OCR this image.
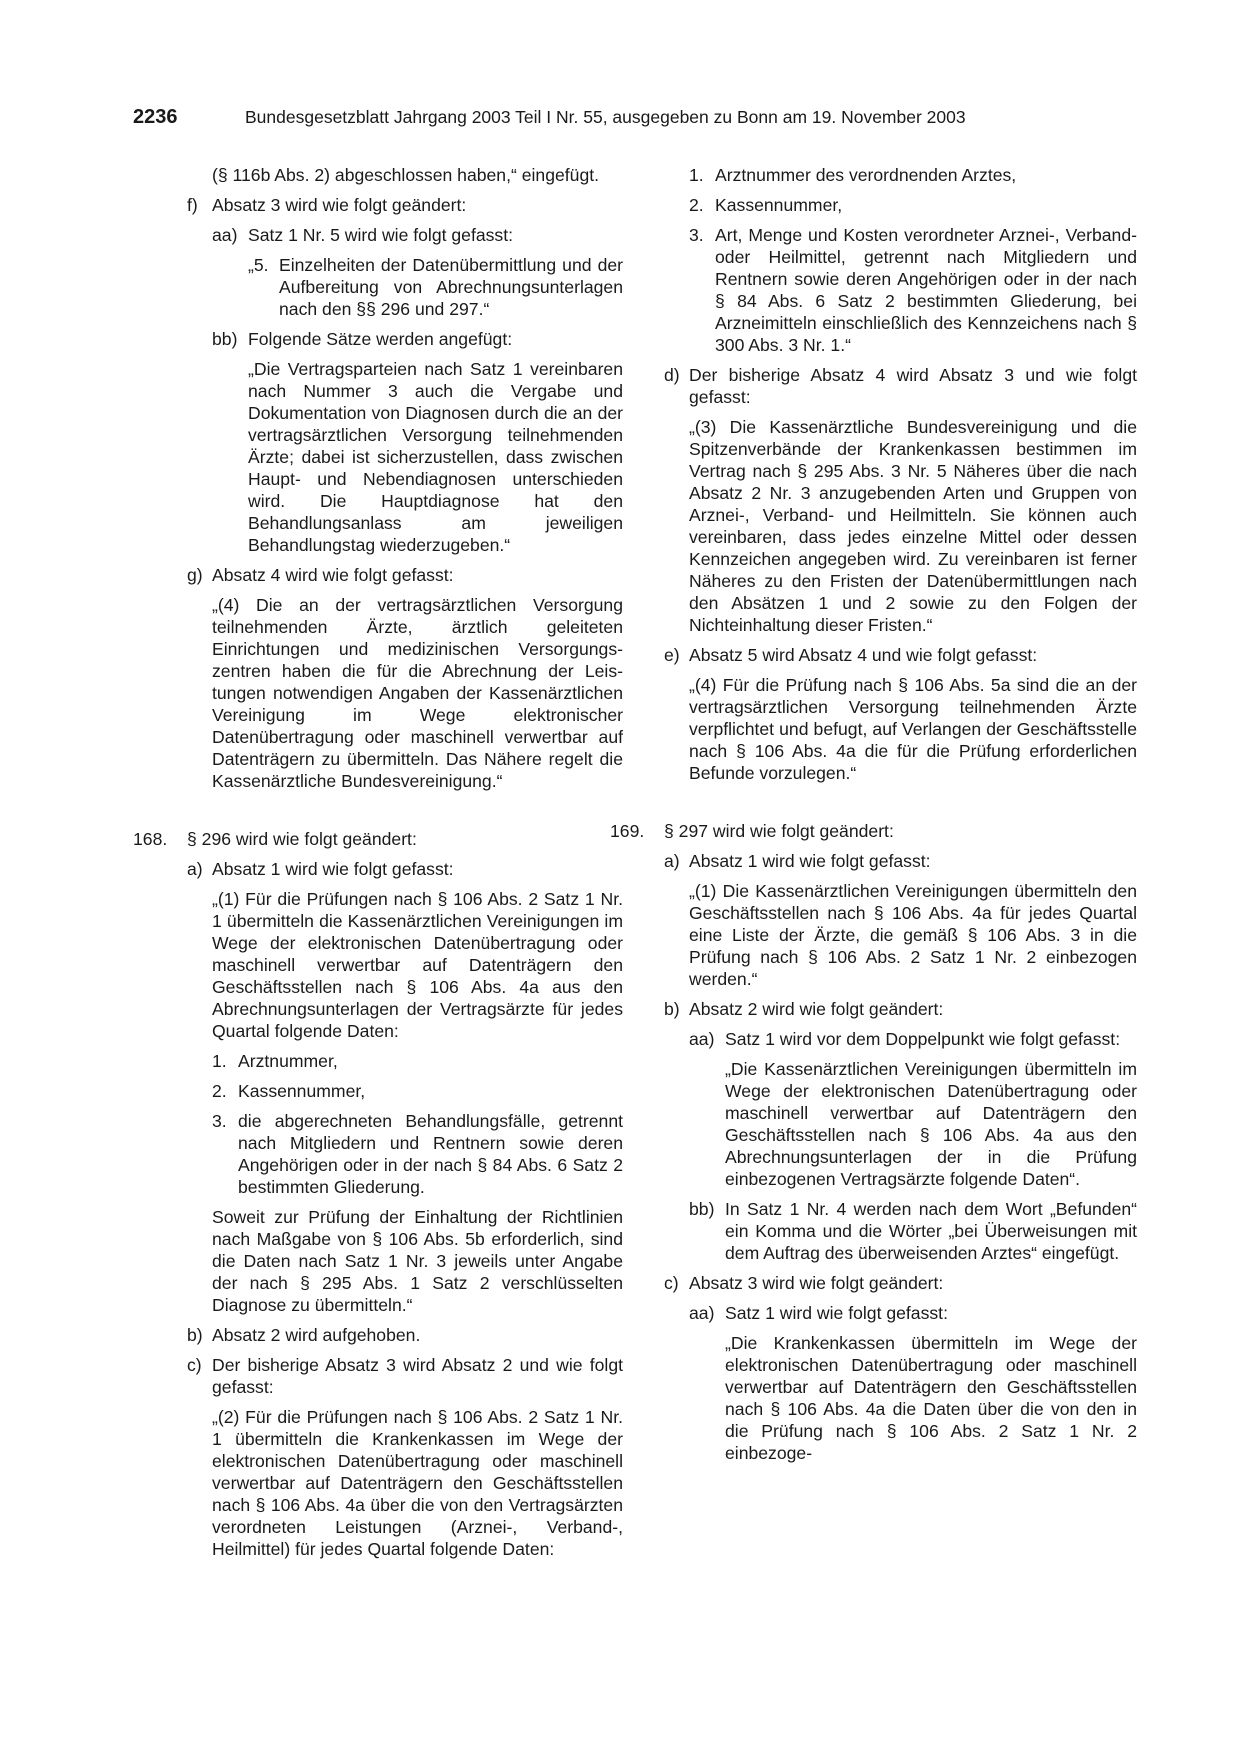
2236	Bundesgesetzblatt Jahrgang 2003 Teil I Nr. 55, ausgegeben zu Bonn am 19. November 2003

(§ 116b Abs. 2) abgeschlossen haben,“ eingefügt.

f) Absatz 3 wird wie folgt geändert:
aa) Satz 1 Nr. 5 wird wie folgt gefasst:
„5. Einzelheiten der Datenübermittlung und der Aufbereitung von Abrechnungsunterlagen nach den §§ 296 und 297.“
bb) Folgende Sätze werden angefügt:

„Die Vertragsparteien nach Satz 1 vereinbaren nach Nummer 3 auch die Vergabe und Dokumentation von Diagnosen durch die an der vertragsärztlichen Versorgung teilnehmenden Ärzte; dabei ist sicherzustellen, dass zwischen Haupt- und Nebendiagnosen unterschieden wird. Die Hauptdiagnose hat den Behandlungsanlass am jeweiligen Behandlungstag wiederzugeben.“

g) Absatz 4 wird wie folgt gefasst:

„(4) Die an der vertragsärztlichen Versorgung teilnehmenden Ärzte, ärztlich geleiteten Einrichtungen und medizinischen Versorgungszentren haben die für die Abrechnung der Leistungen notwendigen Angaben der Kassenärztlichen Vereinigung im Wege elektronischer Datenübertragung oder maschinell verwertbar auf Datenträgern zu übermitteln. Das Nähere regelt die Kassenärztliche Bundesvereinigung.“

168. § 296 wird wie folgt geändert:
a) Absatz 1 wird wie folgt gefasst:

„(1) Für die Prüfungen nach § 106 Abs. 2 Satz 1 Nr. 1 übermitteln die Kassenärztlichen Vereinigungen im Wege der elektronischen Datenübertragung oder maschinell verwertbar auf Datenträgern den Geschäftsstellen nach § 106 Abs. 4a aus den Abrechnungsunterlagen der Vertragsärzte für jedes Quartal folgende Daten:

1. Arztnummer,
2. Kassennummer,
3. die abgerechneten Behandlungsfälle, getrennt nach Mitgliedern und Rentnern sowie deren Angehörigen oder in der nach § 84 Abs. 6 Satz 2 bestimmten Gliederung.

Soweit zur Prüfung der Einhaltung der Richtlinien nach Maßgabe von § 106 Abs. 5b erforderlich, sind die Daten nach Satz 1 Nr. 3 jeweils unter Angabe der nach § 295 Abs. 1 Satz 2 verschlüsselten Diagnose zu übermitteln.“

b) Absatz 2 wird aufgehoben.
c) Der bisherige Absatz 3 wird Absatz 2 und wie folgt gefasst:

„(2) Für die Prüfungen nach § 106 Abs. 2 Satz 1 Nr. 1 übermitteln die Krankenkassen im Wege der elektronischen Datenübertragung oder maschinell verwertbar auf Datenträgern den Geschäftsstellen nach § 106 Abs. 4a über die von den Vertragsärzten verordneten Leistungen (Arznei-, Verband-, Heilmittel) für jedes Quartal folgende Daten:

1. Arztnummer des verordnenden Arztes,
2. Kassennummer,
3. Art, Menge und Kosten verordneter Arznei-, Verband- oder Heilmittel, getrennt nach Mitgliedern und Rentnern sowie deren Angehörigen oder in der nach § 84 Abs. 6 Satz 2 bestimmten Gliederung, bei Arzneimitteln einschließlich des Kennzeichens nach § 300 Abs. 3 Nr. 1.“
d) Der bisherige Absatz 4 wird Absatz 3 und wie folgt gefasst:

„(3) Die Kassenärztliche Bundesvereinigung und die Spitzenverbände der Krankenkassen bestimmen im Vertrag nach § 295 Abs. 3 Nr. 5 Näheres über die nach Absatz 2 Nr. 3 anzugebenden Arten und Gruppen von Arznei-, Verband- und Heilmitteln. Sie können auch vereinbaren, dass jedes einzelne Mittel oder dessen Kennzeichen angegeben wird. Zu vereinbaren ist ferner Näheres zu den Fristen der Datenübermittlungen nach den Absätzen 1 und 2 sowie zu den Folgen der Nichteinhaltung dieser Fristen.“

e) Absatz 5 wird Absatz 4 und wie folgt gefasst:

„(4) Für die Prüfung nach § 106 Abs. 5a sind die an der vertragsärztlichen Versorgung teilnehmenden Ärzte verpflichtet und befugt, auf Verlangen der Geschäftsstelle nach § 106 Abs. 4a die für die Prüfung erforderlichen Befunde vorzulegen.“

169. § 297 wird wie folgt geändert:
a) Absatz 1 wird wie folgt gefasst:

„(1) Die Kassenärztlichen Vereinigungen übermitteln den Geschäftsstellen nach § 106 Abs. 4a für jedes Quartal eine Liste der Ärzte, die gemäß § 106 Abs. 3 in die Prüfung nach § 106 Abs. 2 Satz 1 Nr. 2 einbezogen werden.“

b) Absatz 2 wird wie folgt geändert:
aa) Satz 1 wird vor dem Doppelpunkt wie folgt gefasst:

„Die Kassenärztlichen Vereinigungen übermitteln im Wege der elektronischen Datenübertragung oder maschinell verwertbar auf Datenträgern den Geschäftsstellen nach § 106 Abs. 4a aus den Abrechnungsunterlagen der in die Prüfung einbezogenen Vertragsärzte folgende Daten“.

bb) In Satz 1 Nr. 4 werden nach dem Wort „Befunden“ ein Komma und die Wörter „bei Überweisungen mit dem Auftrag des überweisenden Arztes“ eingefügt.
c) Absatz 3 wird wie folgt geändert:
aa) Satz 1 wird wie folgt gefasst:

„Die Krankenkassen übermitteln im Wege der elektronischen Datenübertragung oder maschinell verwertbar auf Datenträgern den Geschäftsstellen nach § 106 Abs. 4a die Daten über die von den in die Prüfung nach § 106 Abs. 2 Satz 1 Nr. 2 einbezoge-
